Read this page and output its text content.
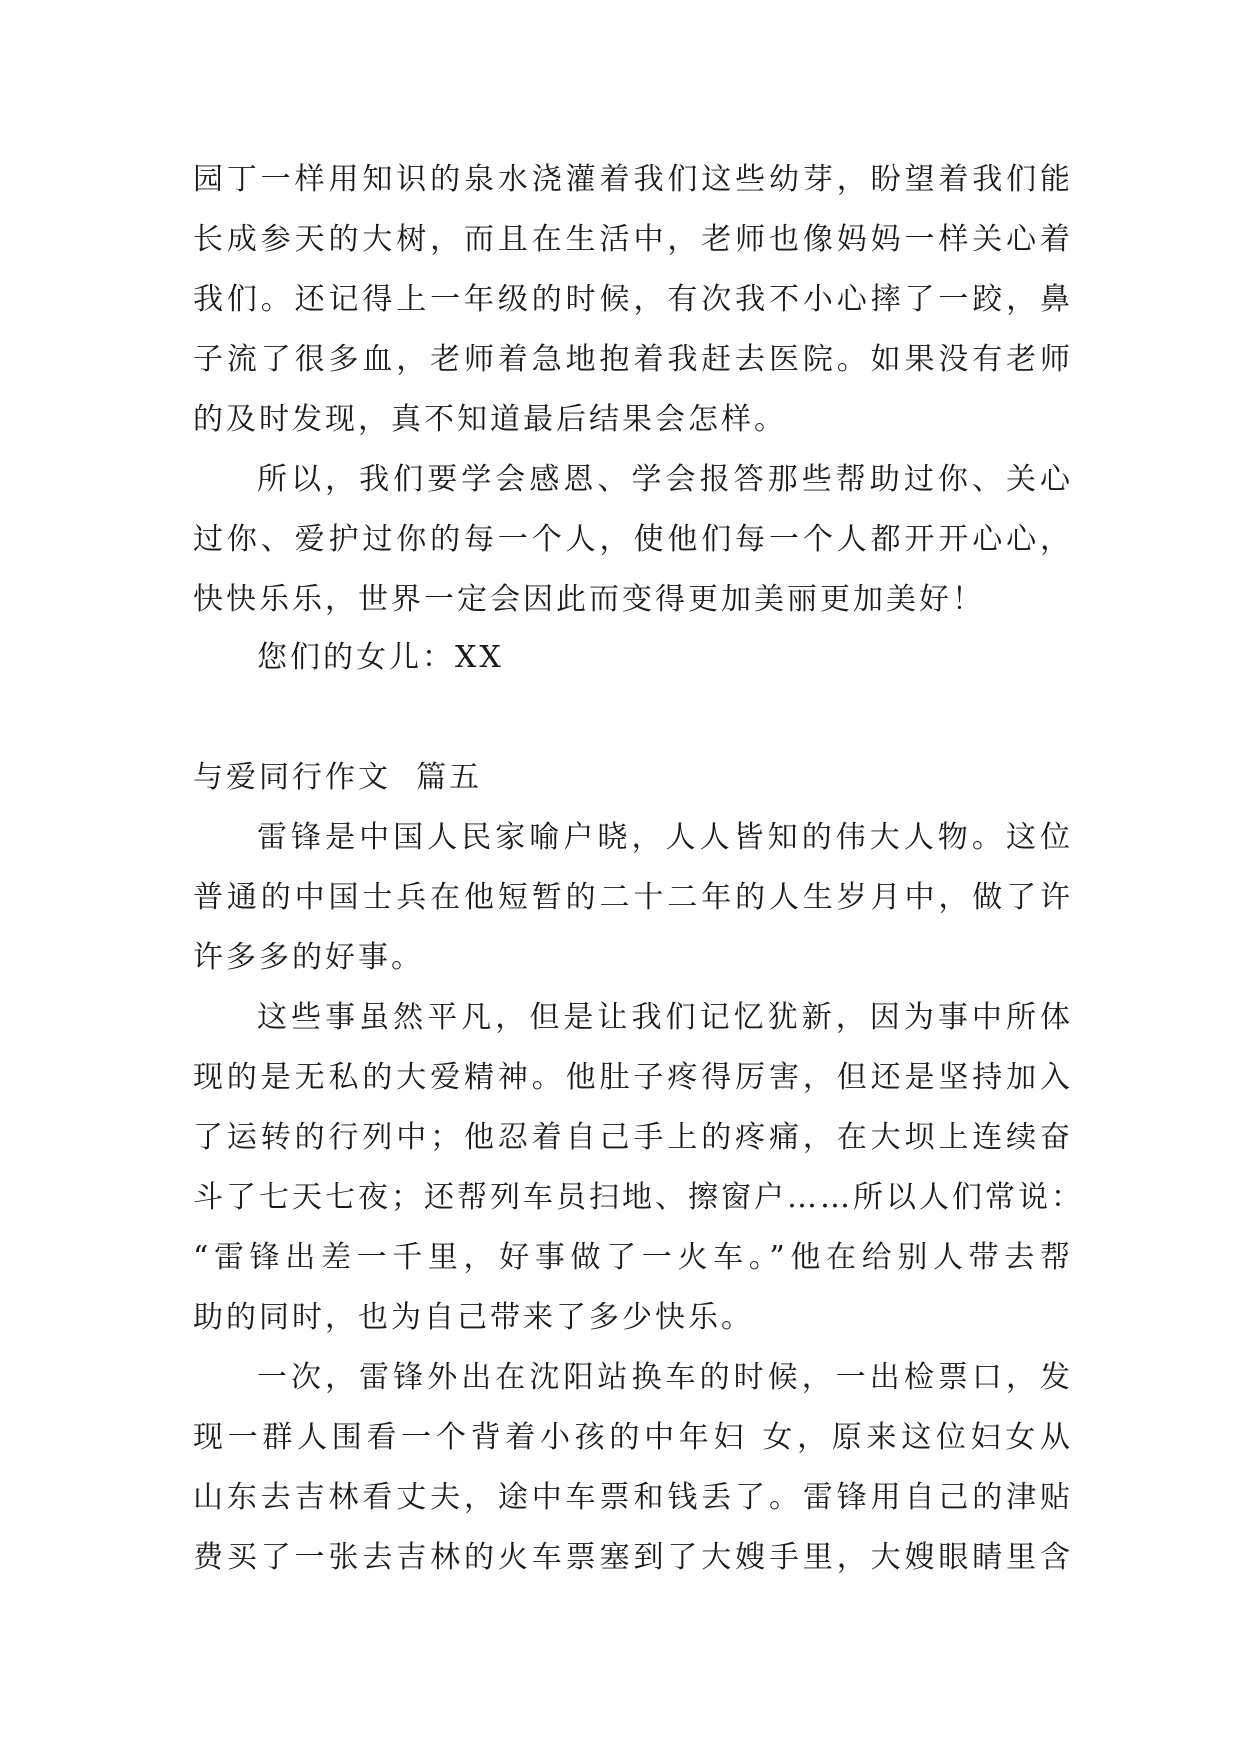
园丁一样用知识的泉水浇灌着我们这些幼芽，盼望着我们能
长成参天的大树，而且在生活中，老师也像妈妈一样关心着
我们。还记得上一年级的时候，有次我不小心摔了一跤，鼻
子流了很多血，老师着急地抱着我赶去医院。如果没有老师
的及时发现，真不知道最后结果会怎样。
所以，我们要学会感恩、学会报答那些帮助过你、关心
过你、爱护过你的每一个人，使他们每一个人都开开心心，
快快乐乐，世界一定会因此而变得更加美丽更加美好！
您们的女儿：XX
与爱同行作文  篇五
雷锋是中国人民家喻户晓，人人皆知的伟大人物。这位
普通的中国士兵在他短暂的二十二年的人生岁月中，做了许
许多多的好事。
这些事虽然平凡，但是让我们记忆犹新，因为事中所体
现的是无私的大爱精神。他肚子疼得厉害，但还是坚持加入
了运转的行列中；他忍着自己手上的疼痛，在大坝上连续奋
斗了七天七夜；还帮列车员扫地、擦窗户……所以人们常说：
“雷锋出差一千里，好事做了一火车。”他在给别人带去帮
助的同时，也为自己带来了多少快乐。
一次，雷锋外出在沈阳站换车的时候，一出检票口，发
现一群人围看一个背着小孩的中年妇 女，原来这位妇女从
山东去吉林看丈夫，途中车票和钱丢了。雷锋用自己的津贴
费买了一张去吉林的火车票塞到了大嫂手里，大嫂眼睛里含
